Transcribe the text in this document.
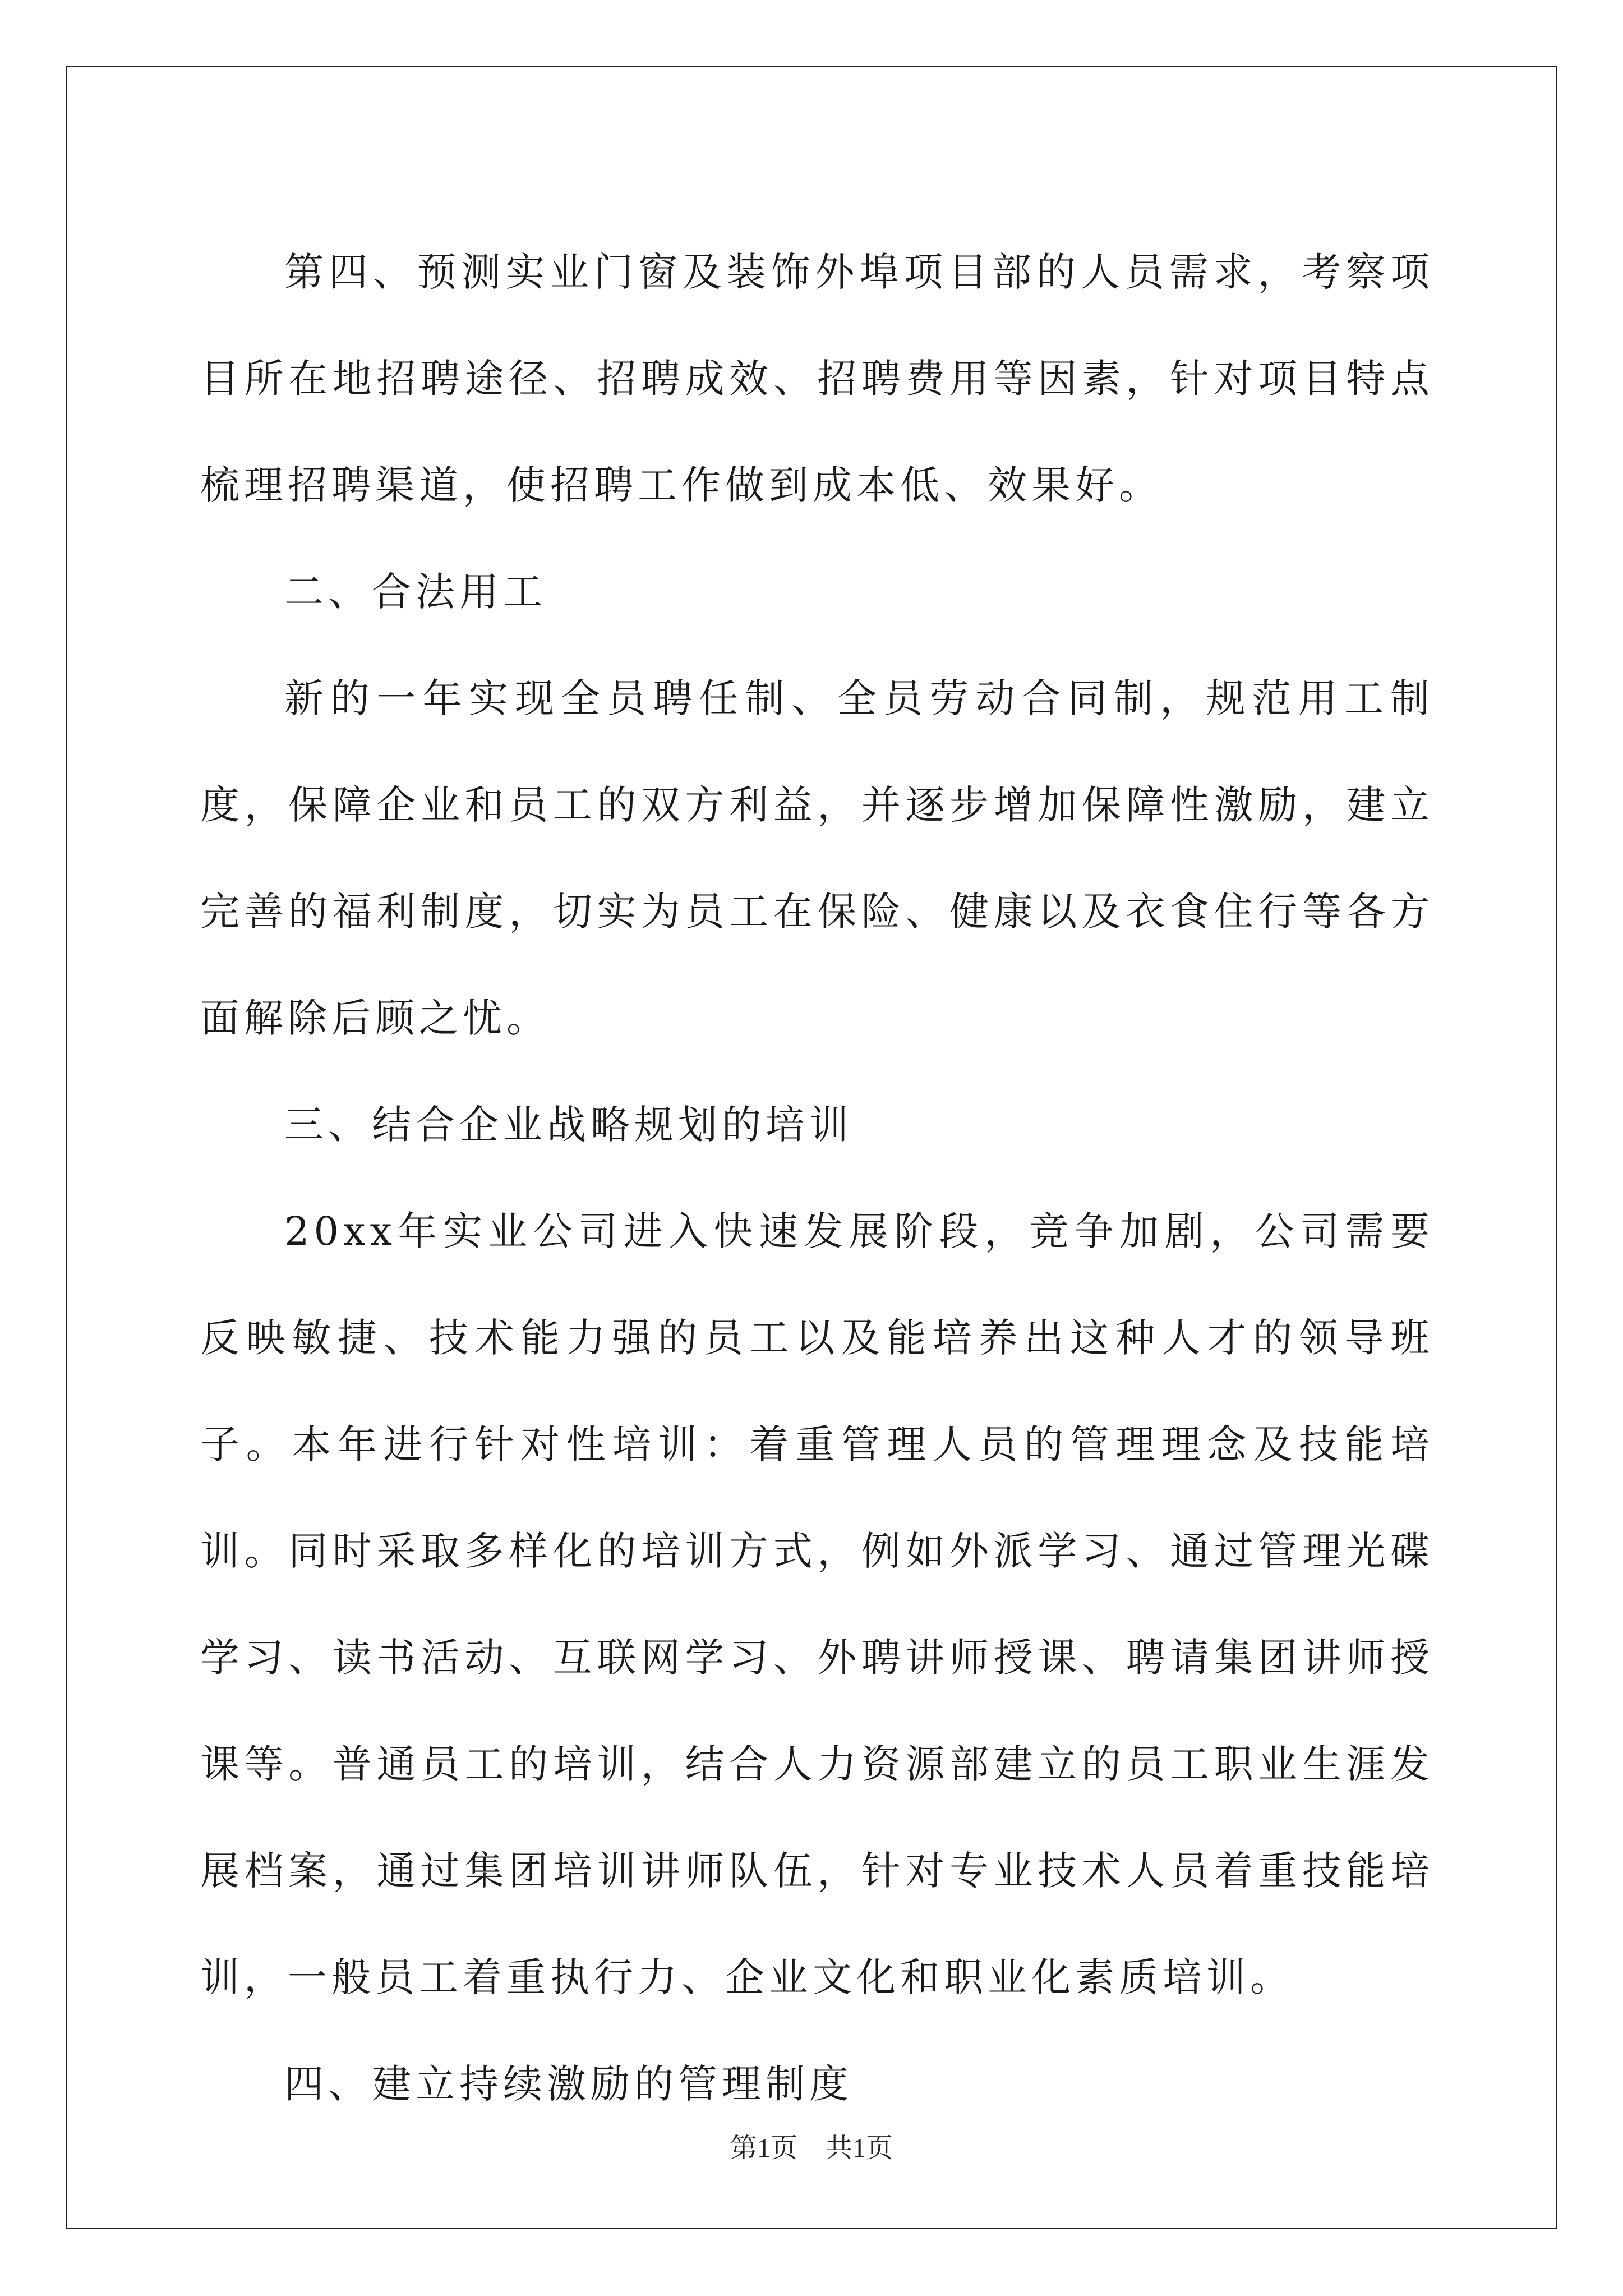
第四、预测实业门窗及装饰外埠项目部的人员需求，考察项目所在地招聘途径、招聘成效、招聘费用等因素，针对项目特点梳理招聘渠道，使招聘工作做到成本低、效果好。

二、合法用工

新的一年实现全员聘任制、全员劳动合同制，规范用工制度，保障企业和员工的双方利益，并逐步增加保障性激励，建立完善的福利制度，切实为员工在保险、健康以及衣食住行等各方面解除后顾之忧。

三、结合企业战略规划的培训

20xx年实业公司进入快速发展阶段，竞争加剧，公司需要反映敏捷、技术能力强的员工以及能培养出这种人才的领导班子。本年进行针对性培训：着重管理人员的管理理念及技能培训。同时采取多样化的培训方式，例如外派学习、通过管理光碟学习、读书活动、互联网学习、外聘讲师授课、聘请集团讲师授课等。普通员工的培训，结合人力资源部建立的员工职业生涯发展档案，通过集团培训讲师队伍，针对专业技术人员着重技能培训，一般员工着重执行力、企业文化和职业化素质培训。

四、建立持续激励的管理制度

第1页 共1页
